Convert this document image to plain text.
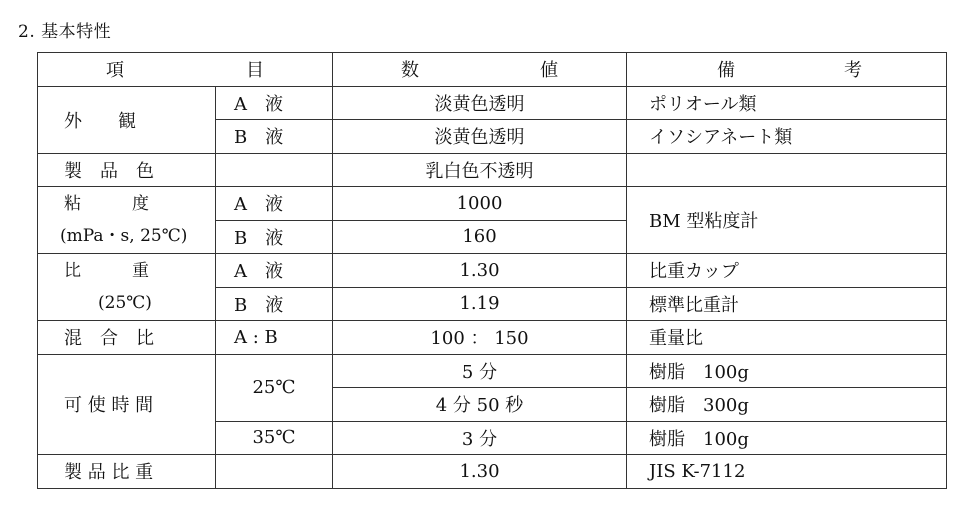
2. 基本特性
項 目		数 値	備 考

外　　観	A　液	淡黄色透明	ポリオール類
	B　液	淡黄色透明	イソシアネート類
製　品　色		乳白色不透明	

粘　　　度
(mPa・s, 25℃)	A　液	1000	BM 型粘度計
	B　液	160	

比　　　重
(25℃)	A　液	1.30	比重カップ
	B　液	1.19	標準比重計
混　合　比	A : B	100 ： 150	重量比
可 使 時 間	25℃	5 分	樹脂　100g
		4 分 50 秒	樹脂　300g
	35℃	3 分	樹脂　100g
製 品 比 重		1.30	JIS K-7112
